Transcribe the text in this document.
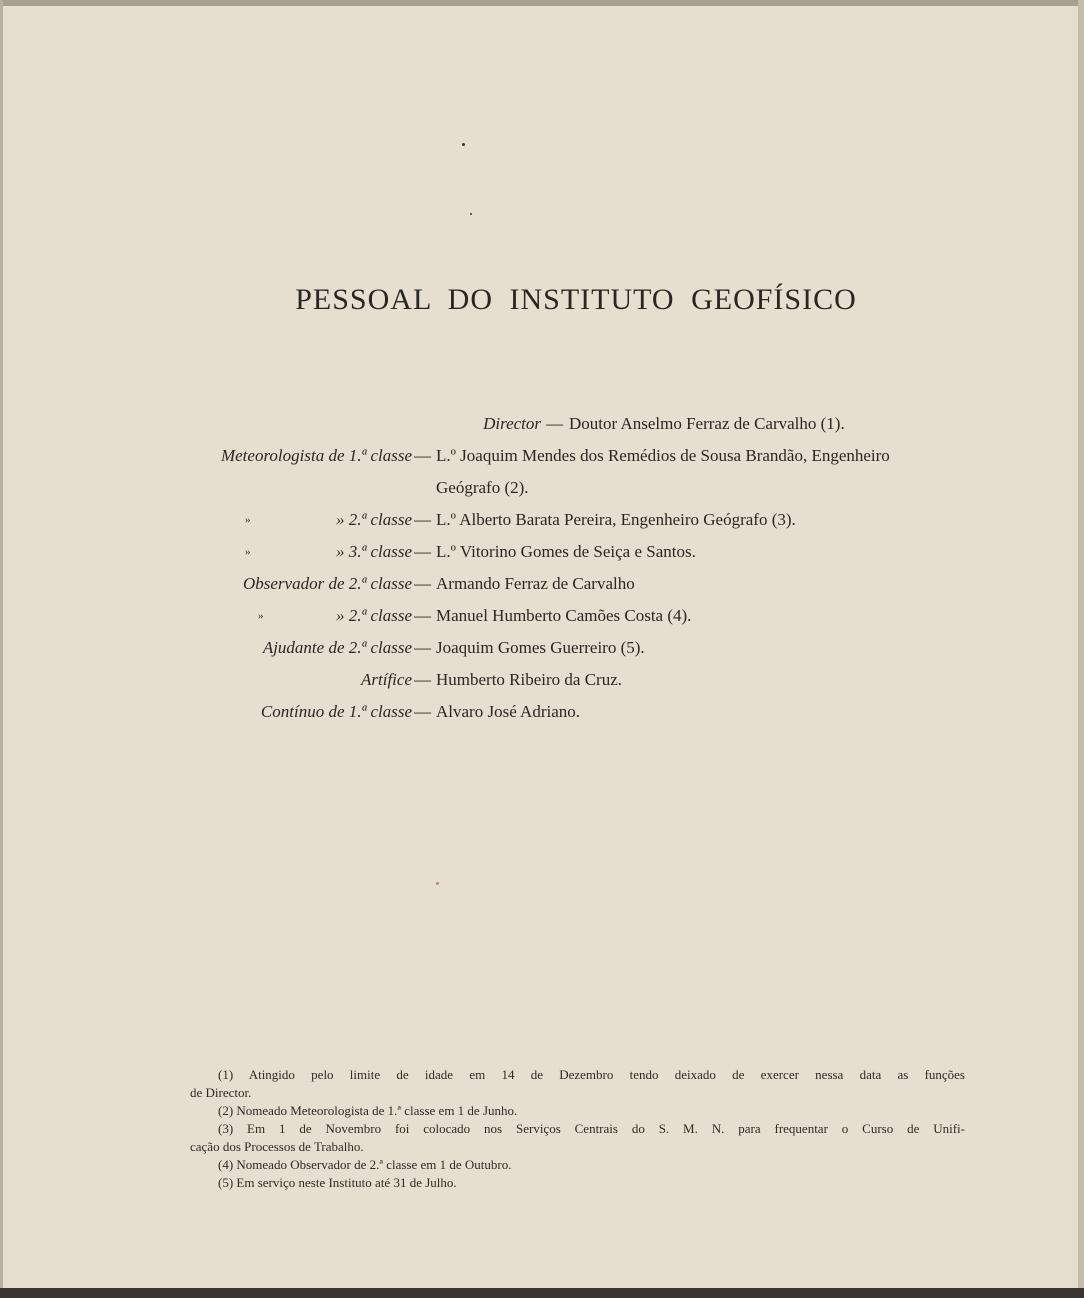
PESSOAL DO INSTITUTO GEOFÍSICO
Director — Doutor Anselmo Ferraz de Carvalho (1).
Meteorologista de 1.ª classe — L.º Joaquim Mendes dos Remédios de Sousa Brandão, Engenheiro
Geógrafo (2).
»	» 2.ª classe — L.º Alberto Barata Pereira, Engenheiro Geógrafo (3).
»	» 3.ª classe — L.º Vitorino Gomes de Seiça e Santos.
Observador de 2.ª classe — Armando Ferraz de Carvalho
»	» 2.ª classe — Manuel Humberto Camões Costa (4).
Ajudante de 2.ª classe — Joaquim Gomes Guerreiro (5).
Artífice — Humberto Ribeiro da Cruz.
Contínuo de 1.ª classe — Alvaro José Adriano.

(1) Atingido pelo limite de idade em 14 de Dezembro tendo deixado de exercer nessa data as funções

de Director.

(2) Nomeado Meteorologista de 1.ª classe em 1 de Junho.

(3) Em 1 de Novembro foi colocado nos Serviços Centrais do S. M. N. para frequentar o Curso de Unifi-

cação dos Processos de Trabalho.

(4) Nomeado Observador de 2.ª classe em 1 de Outubro.

(5) Em serviço neste Instituto até 31 de Julho.
